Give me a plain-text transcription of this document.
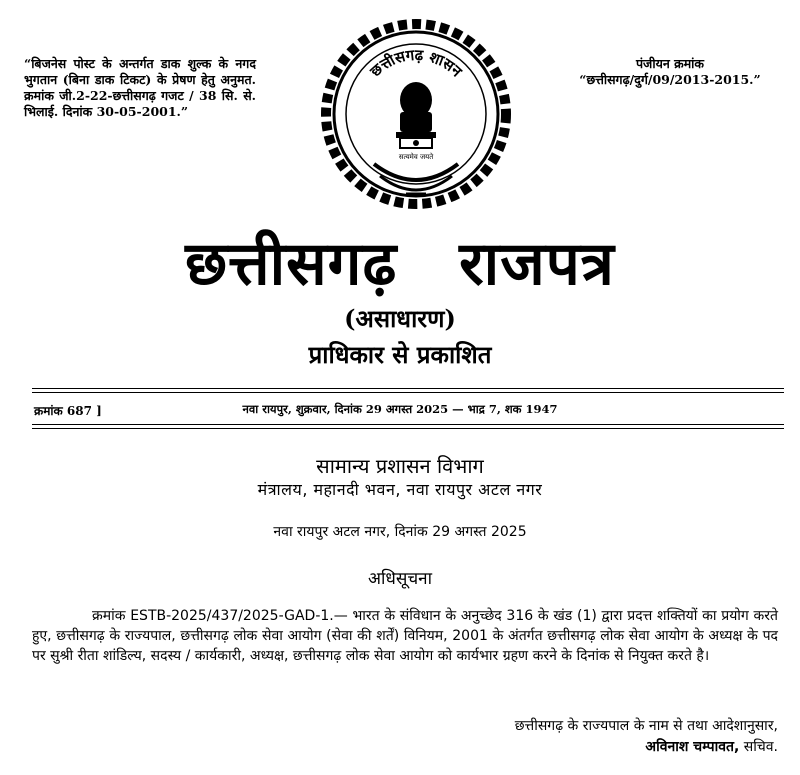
“बिजनेस पोस्ट के अन्तर्गत डाक शुल्क के नगद भुगतान (बिना डाक टिकट) के प्रेषण हेतु अनुमत. क्रमांक जी.2-22-छत्तीसगढ़ गजट / 38 सि. से. भिलाई. दिनांक 30-05-2001.”
पंजीयन क्रमांक
“छत्तीसगढ़/दुर्ग/09/2013-2015.”
छत्तीसगढ़ शासन
सत्यमेव जयते
छत्तीसगढ़ राजपत्र
(असाधारण)
प्राधिकार से प्रकाशित
क्रमांक 687 ]	नवा रायपुर, शुक्रवार, दिनांक 29 अगस्त 2025 — भाद्र 7, शक 1947
सामान्य प्रशासन विभाग
मंत्रालय, महानदी भवन, नवा रायपुर अटल नगर
नवा रायपुर अटल नगर, दिनांक 29 अगस्त 2025
अधिसूचना
क्रमांक ESTB-2025/437/2025-GAD-1.— भारत के संविधान के अनुच्छेद 316 के खंड (1) द्वारा प्रदत्त शक्तियों का प्रयोग करते हुए, छत्तीसगढ़ के राज्यपाल, छत्तीसगढ़ लोक सेवा आयोग (सेवा की शर्तें) विनियम, 2001 के अंतर्गत छत्तीसगढ़ लोक सेवा आयोग के अध्यक्ष के पद पर सुश्री रीता शांडिल्य, सदस्य / कार्यकारी, अध्यक्ष, छत्तीसगढ़ लोक सेवा आयोग को कार्यभार ग्रहण करने के दिनांक से नियुक्त करते है।
छत्तीसगढ़ के राज्यपाल के नाम से तथा आदेशानुसार,
अविनाश चम्पावत, सचिव.
